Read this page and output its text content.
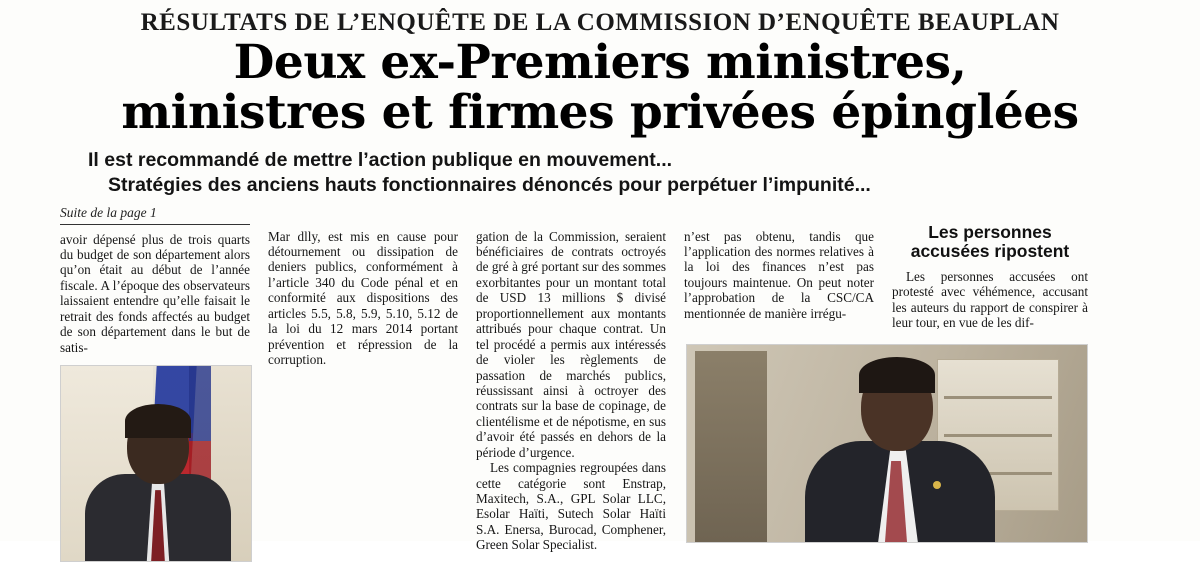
RÉSULTATS DE L’ENQUÊTE DE LA COMMISSION D’ENQUÊTE BEAUPLAN
Deux ex-Premiers ministres,
ministres et firmes privées épinglées
Il est recommandé de mettre l’action publique en mouvement...
Stratégies des anciens hauts fonctionnaires dénoncés pour perpétuer l’impunité...
Suite de la page 1

avoir dépensé plus de trois quarts du budget de son département alors qu’on était au début de l’année fiscale. A l’époque des observateurs laissaient entendre qu’elle faisait le retrait des fonds affectés au budget de son département dans le but de satis-

Mar dlly, est mis en cause pour détournement ou dissipation de deniers publics, conformément à l’article 340 du Code pénal et en conformité aux dispositions des articles 5.5, 5.8, 5.9, 5.10, 5.12 de la loi du 12 mars 2014 portant prévention et répression de la corruption.

gation de la Commission, seraient bénéficiaires de contrats octroyés de gré à gré portant sur des sommes exorbitantes pour un montant total de USD 13 millions $ divisé proportionnellement aux montants attribués pour chaque contrat. Un tel procédé a permis aux intéressés de violer les règlements de passation de marchés publics, réussissant ainsi à octroyer des contrats sur la base de copinage, de clientélisme et de népotisme, en sus d’avoir été passés en dehors de la période d’urgence.

Les compagnies regroupées dans cette catégorie sont Enstrap, Maxitech, S.A., GPL Solar LLC, Esolar Haïti, Sutech Solar Haïti S.A. Enersa, Burocad, Comphener, Green Solar Specialist.

n’est pas obtenu, tandis que l’application des normes relatives à la loi des finances n’est pas toujours maintenue. On peut noter l’approbation de la CSC/CA mentionnée de manière irrégu-

Les personnes
accusées ripostent

Les personnes accusées ont protesté avec véhémence, accusant les auteurs du rapport de conspirer à leur tour, en vue de les dif-
